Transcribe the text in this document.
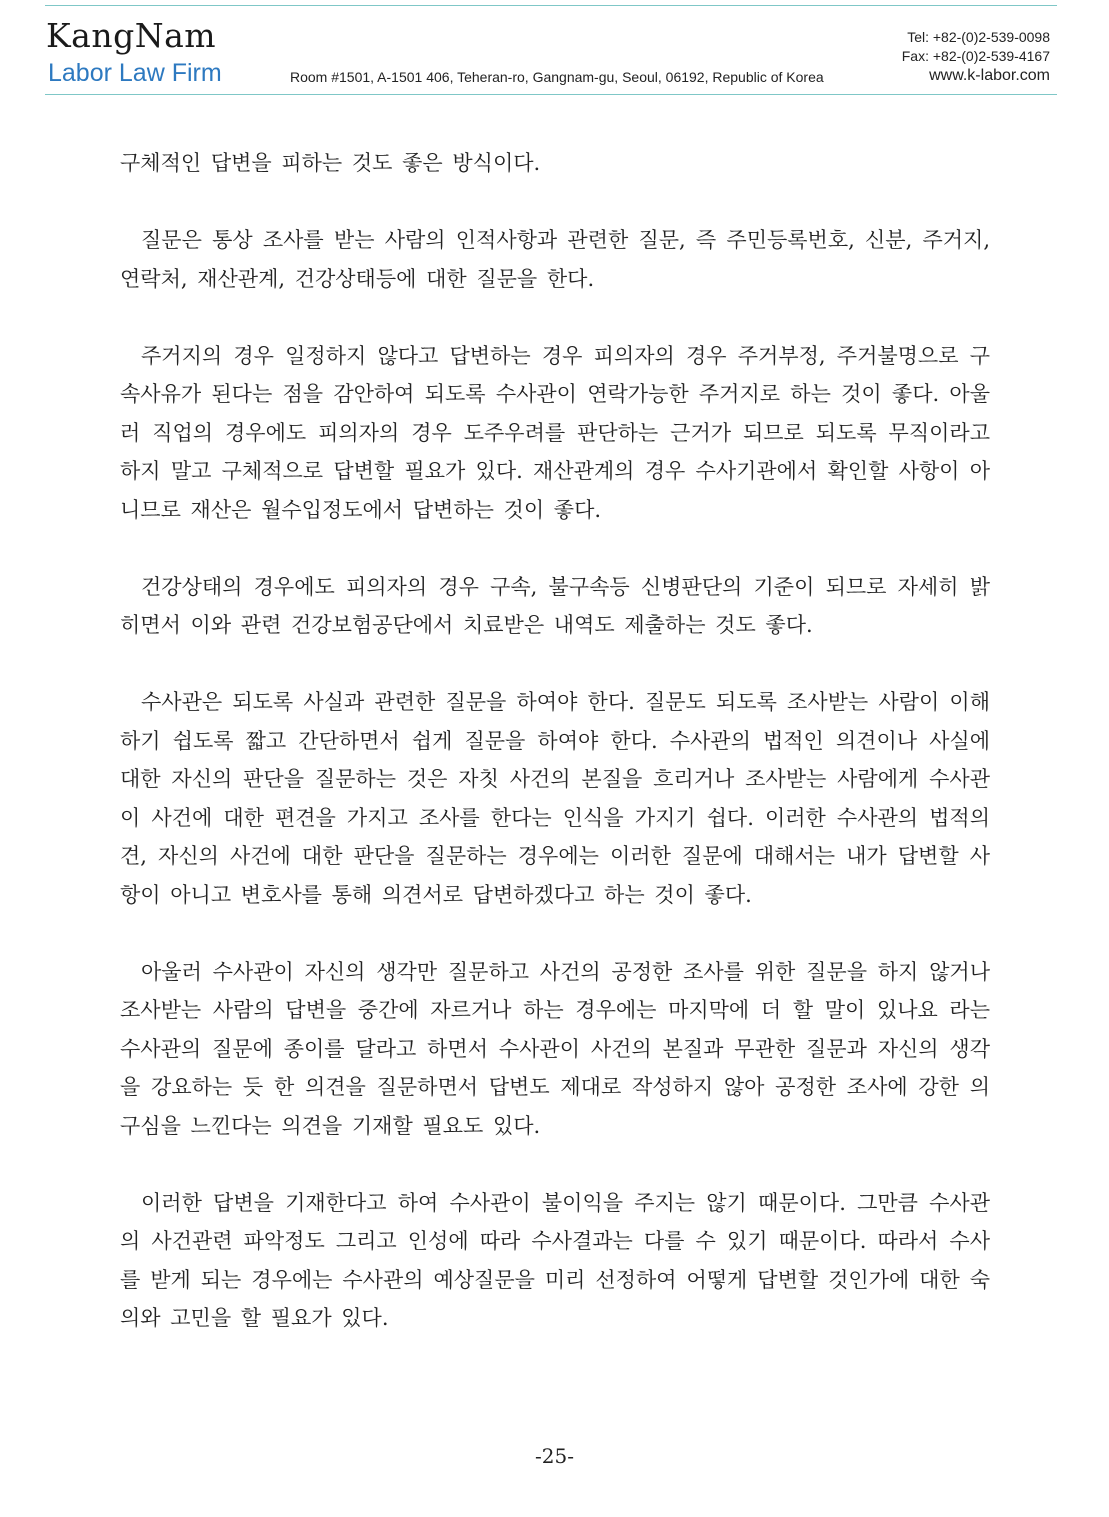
KangNam
Labor Law Firm	Room #1501, A-1501 406, Teheran-ro, Gangnam-gu, Seoul, 06192, Republic of Korea
Tel: +82-(0)2-539-0098
Fax: +82-(0)2-539-4167
www.k-labor.com

구체적인 답변을 피하는 것도 좋은 방식이다.

질문은 통상 조사를 받는 사람의 인적사항과 관련한 질문, 즉 주민등록번호, 신분, 주거지, 연락처, 재산관계, 건강상태등에 대한 질문을 한다.

주거지의 경우 일정하지 않다고 답변하는 경우 피의자의 경우 주거부정, 주거불명으로 구속사유가 된다는 점을 감안하여 되도록 수사관이 연락가능한 주거지로 하는 것이 좋다. 아울러 직업의 경우에도 피의자의 경우 도주우려를 판단하는 근거가 되므로 되도록 무직이라고 하지 말고 구체적으로 답변할 필요가 있다. 재산관계의 경우 수사기관에서 확인할 사항이 아니므로 재산은 월수입정도에서 답변하는 것이 좋다.

건강상태의 경우에도 피의자의 경우 구속, 불구속등 신병판단의 기준이 되므로 자세히 밝히면서 이와 관련 건강보험공단에서 치료받은 내역도 제출하는 것도 좋다.

수사관은 되도록 사실과 관련한 질문을 하여야 한다. 질문도 되도록 조사받는 사람이 이해하기 쉽도록 짧고 간단하면서 쉽게 질문을 하여야 한다. 수사관의 법적인 의견이나 사실에 대한 자신의 판단을 질문하는 것은 자칫 사건의 본질을 흐리거나 조사받는 사람에게 수사관이 사건에 대한 편견을 가지고 조사를 한다는 인식을 가지기 쉽다. 이러한 수사관의 법적의견, 자신의 사건에 대한 판단을 질문하는 경우에는 이러한 질문에 대해서는 내가 답변할 사항이 아니고 변호사를 통해 의견서로 답변하겠다고 하는 것이 좋다.

아울러 수사관이 자신의 생각만 질문하고 사건의 공정한 조사를 위한 질문을 하지 않거나 조사받는 사람의 답변을 중간에 자르거나 하는 경우에는 마지막에 더 할 말이 있나요 라는 수사관의 질문에 종이를 달라고 하면서 수사관이 사건의 본질과 무관한 질문과 자신의 생각을 강요하는 듯 한 의견을 질문하면서 답변도 제대로 작성하지 않아 공정한 조사에 강한 의구심을 느낀다는 의견을 기재할 필요도 있다.

이러한 답변을 기재한다고 하여 수사관이 불이익을 주지는 않기 때문이다. 그만큼 수사관의 사건관련 파악정도 그리고 인성에 따라 수사결과는 다를 수 있기 때문이다. 따라서 수사를 받게 되는 경우에는 수사관의 예상질문을 미리 선정하여 어떻게 답변할 것인가에 대한 숙의와 고민을 할 필요가 있다.

-25-
